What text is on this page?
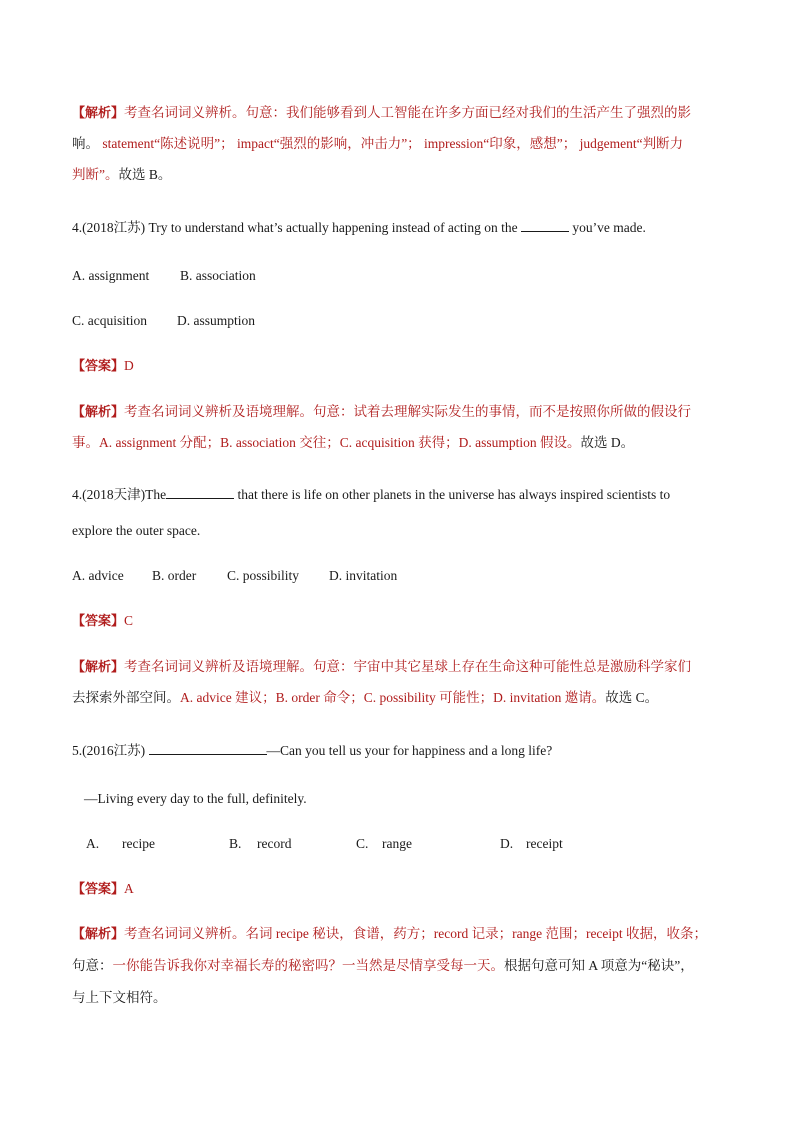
【解析】考查名词词义辨析。句意：我们能够看到人工智能在许多方面已经对我们的生活产生了强烈的影
响。 statement“陈述说明”； impact“强烈的影响，冲击力”； impression“印象，感想”； judgement“判断力
判断”。故选 B。
4.(2018江苏) Try to understand what’s actually happening instead of acting on the	you’ve made.
A. assignment B. association
C. acquisition D. assumption
【答案】D
【解析】考查名词词义辨析及语境理解。句意：试着去理解实际发生的事情，而不是按照你所做的假设行
事。A. assignment 分配；B. association 交往；C. acquisition 获得；D. assumption 假设。故选 D。
4.(2018天津)The	that there is life on other planets in the universe has always inspired scientists to
explore the outer space.
A. advice B. order C. possibility D. invitation
【答案】C
【解析】考查名词词义辨析及语境理解。句意：宇宙中其它星球上存在生命这种可能性总是激励科学家们
去探索外部空间。A. advice 建议；B. order 命令；C. possibility 可能性；D. invitation 邀请。故选 C。
5.(2016江苏)	—Can you tell us your for happiness and a long life?
—Living every day to the full, definitely.
A. recipe	B. record	C. range	D. receipt
【答案】A
【解析】考查名词词义辨析。名词 recipe 秘诀，食谱，药方；record 记录；range 范围；receipt 收据，收条；
句意：一你能告诉我你对幸福长寿的秘密吗？一当然是尽情享受每一天。根据句意可知 A 项意为“秘诀”，
与上下文相符。
